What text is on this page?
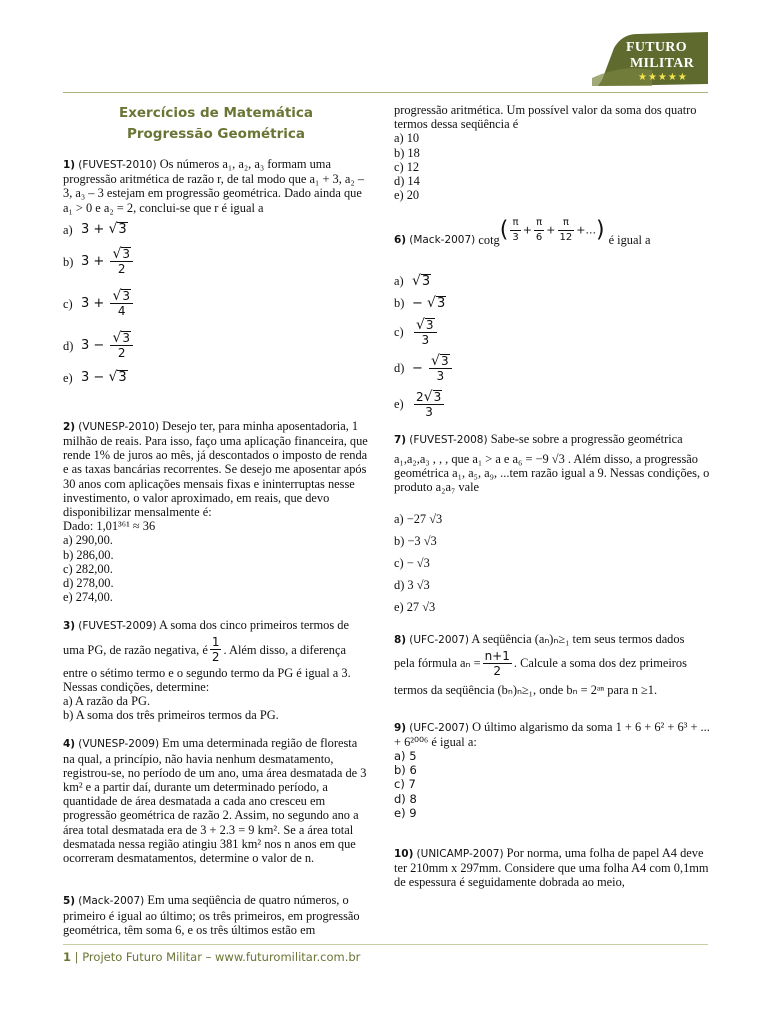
FUTURO
MILITAR
★★★★★
Exercícios de Matemática
Progressão Geométrica
1) (FUVEST-2010) Os números a₁, a₂, a₃ formam uma progressão aritmética de razão r, de tal modo que a₁ + 3, a₂ – 3, a₃ – 3 estejam em progressão geométrica. Dado ainda que a₁ > 0 e a₂ = 2, conclui-se que r é igual a
a) 3 + √3
b) $3 + \frac{√3}{2}$
c) $3 + \frac{√3}{4}$
d) $3 - \frac{√3}{2}$
e) 3 − √3
2) (VUNESP-2010) Desejo ter, para minha aposentadoria, 1 milhão de reais. Para isso, faço uma aplicação financeira, que rende 1% de juros ao mês, já descontados o imposto de renda e as taxas bancárias recorrentes. Se desejo me aposentar após 30 anos com aplicações mensais fixas e ininterruptas nesse investimento, o valor aproximado, em reais, que devo disponibilizar mensalmente é:
Dado: 1,01³⁶¹ ≈ 36
a) 290,00.
b) 286,00.
c) 282,00.
d) 278,00.
e) 274,00.
3) (FUVEST-2009) A soma dos cinco primeiros termos de
uma PG, de razão negativa, é $\frac{1}{2}$ . Além disso, a diferença
entre o sétimo termo e o segundo termo da PG é igual a 3. Nessas condições, determine:
a) A razão da PG.
b) A soma dos três primeiros termos da PG.
4) (VUNESP-2009) Em uma determinada região de floresta na qual, a princípio, não havia nenhum desmatamento, registrou-se, no período de um ano, uma área desmatada de 3 km² e a partir daí, durante um determinado período, a quantidade de área desmatada a cada ano cresceu em progressão geométrica de razão 2. Assim, no segundo ano a área total desmatada era de 3 + 2.3 = 9 km². Se a área total desmatada nessa região atingiu 381 km² nos n anos em que ocorreram desmatamentos, determine o valor de n.
5) (Mack-2007) Em uma seqüência de quatro números, o primeiro é igual ao último; os três primeiros, em progressão geométrica, têm soma 6, e os três últimos estão em
progressão aritmética. Um possível valor da soma dos quatro termos dessa seqüência é
a) 10
b) 18
c) 12
d) 14
e) 20
6)
(Mack-2007)
cotg ( $\frac{\pi}{3} + \frac{\pi}{6} + \frac{\pi}{12}$ +...) é igual a
a) √3
b) − √3
$c) \frac{√3}{3}$
$d) - \frac{√3}{3}$
$e) \frac{2√3}{3}$
7) (FUVEST-2008) Sabe-se sobre a progressão geométrica
a₁,a₂,a₃ , , , que a₁ > a e a₆ = −9 √3 . Além disso, a progressão geométrica a₁, a₅, a₉, ...tem razão igual a 9. Nessas condições, o produto a₂a₇ vale
a) −27 √3
b) −3 √3
c) − √3
d) 3 √3
e) 27 √3
8) (UFC-2007) A seqüência (aₙ)ₙ≥₁ tem seus termos dados
pela fórmula $a_n = \frac{n+1}{2}$ . Calcule a soma dos dez primeiros
termos da seqüência (bₙ)ₙ≥₁, onde bₙ = 2ᵃⁿ para n ≥1.
9) (UFC-2007) O último algarismo da soma 1 + 6 + 6² + 6³ + ... + 6²⁰⁰⁶ é igual a:
a) 5
b) 6
c) 7
d) 8
e) 9
10) (UNICAMP-2007) Por norma, uma folha de papel A4 deve ter 210mm x 297mm. Considere que uma folha A4 com 0,1mm de espessura é seguidamente dobrada ao meio,
1 | Projeto Futuro Militar – www.futuromilitar.com.br
